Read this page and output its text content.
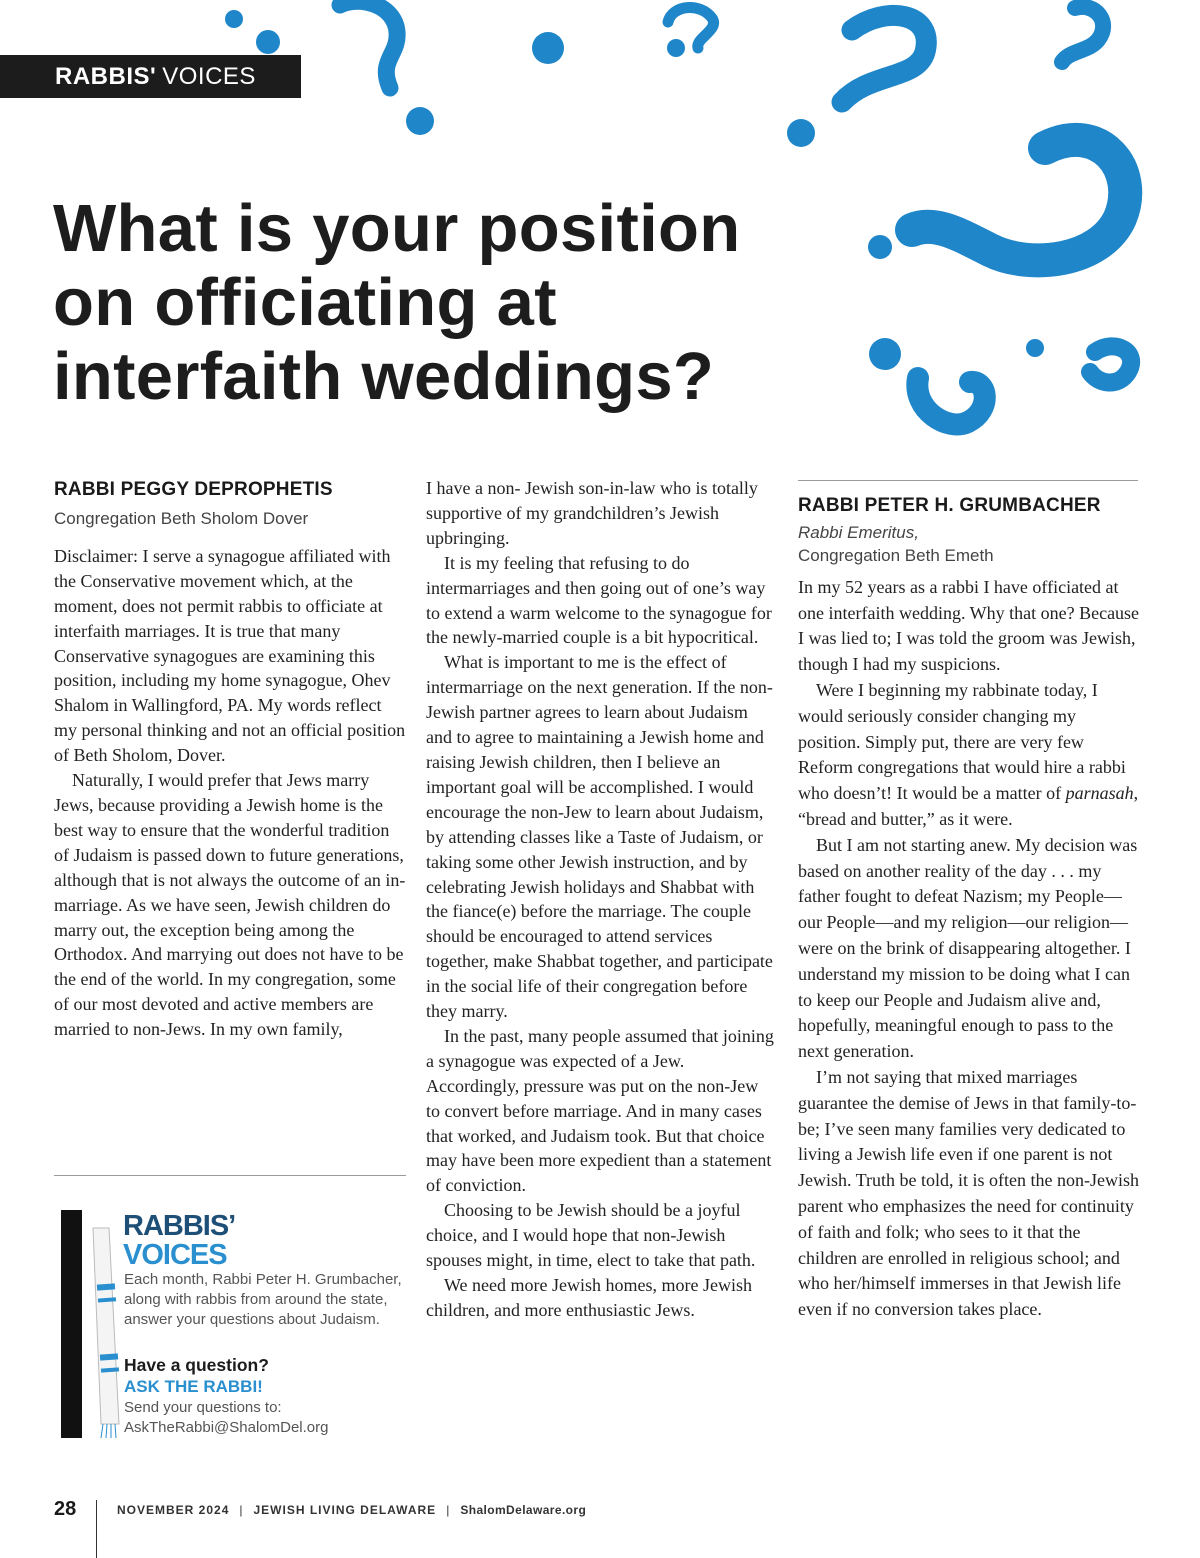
RABBIS' VOICES
What is your position on officiating at interfaith weddings?
RABBI PEGGY DEPROPHETIS
Congregation Beth Sholom Dover

Disclaimer: I serve a synagogue affiliated with the Conservative movement which, at the moment, does not permit rabbis to officiate at interfaith marriages. It is true that many Conservative synagogues are examining this position, including my home synagogue, Ohev Shalom in Wallingford, PA. My words reflect my personal thinking and not an official position of Beth Sholom, Dover.

Naturally, I would prefer that Jews marry Jews, because providing a Jewish home is the best way to ensure that the wonderful tradition of Judaism is passed down to future generations, although that is not always the outcome of an in-marriage. As we have seen, Jewish children do marry out, the exception being among the Orthodox. And marrying out does not have to be the end of the world. In my congregation, some of our most devoted and active members are married to non-Jews. In my own family,

RABBIS’
VOICES
Each month, Rabbi Peter H. Grumbacher, along with rabbis from around the state, answer your questions about Judaism.
Have a question?
ASK THE RABBI!
Send your questions to:
AskTheRabbi@ShalomDel.org

I have a non- Jewish son-in-law who is totally supportive of my grandchildren’s Jewish upbringing.

It is my feeling that refusing to do intermarriages and then going out of one’s way to extend a warm welcome to the synagogue for the newly-married couple is a bit hypocritical.

What is important to me is the effect of intermarriage on the next generation. If the non-Jewish partner agrees to learn about Judaism and to agree to maintaining a Jewish home and raising Jewish children, then I believe an important goal will be accomplished. I would encourage the non-Jew to learn about Judaism, by attending classes like a Taste of Judaism, or taking some other Jewish instruction, and by celebrating Jewish holidays and Shabbat with the fiance(e) before the marriage. The couple should be encouraged to attend services together, make Shabbat together, and participate in the social life of their congregation before they marry.

In the past, many people assumed that joining a synagogue was expected of a Jew. Accordingly, pressure was put on the non-Jew to convert before marriage. And in many cases that worked, and Judaism took. But that choice may have been more expedient than a statement of conviction.

Choosing to be Jewish should be a joyful choice, and I would hope that non-Jewish spouses might, in time, elect to take that path.

We need more Jewish homes, more Jewish children, and more enthusiastic Jews.

RABBI PETER H. GRUMBACHER
Rabbi Emeritus,
Congregation Beth Emeth

In my 52 years as a rabbi I have officiated at one interfaith wedding. Why that one? Because I was lied to; I was told the groom was Jewish, though I had my suspicions.

Were I beginning my rabbinate today, I would seriously consider changing my position. Simply put, there are very few Reform congregations that would hire a rabbi who doesn’t! It would be a matter of parnasah, “bread and butter,” as it were.

But I am not starting anew. My decision was based on another reality of the day . . . my father fought to defeat Nazism; my People—our People—and my religion—our religion—were on the brink of disappearing altogether. I understand my mission to be doing what I can to keep our People and Judaism alive and, hopefully, meaningful enough to pass to the next generation.

I’m not saying that mixed marriages guarantee the demise of Jews in that family-to-be; I’ve seen many families very dedicated to living a Jewish life even if one parent is not Jewish. Truth be told, it is often the non-Jewish parent who emphasizes the need for continuity of faith and folk; who sees to it that the children are enrolled in religious school; and who her/himself immerses in that Jewish life even if no conversion takes place.

28	NOVEMBER 2024 | JEWISH LIVING DELAWARE | ShalomDelaware.org
